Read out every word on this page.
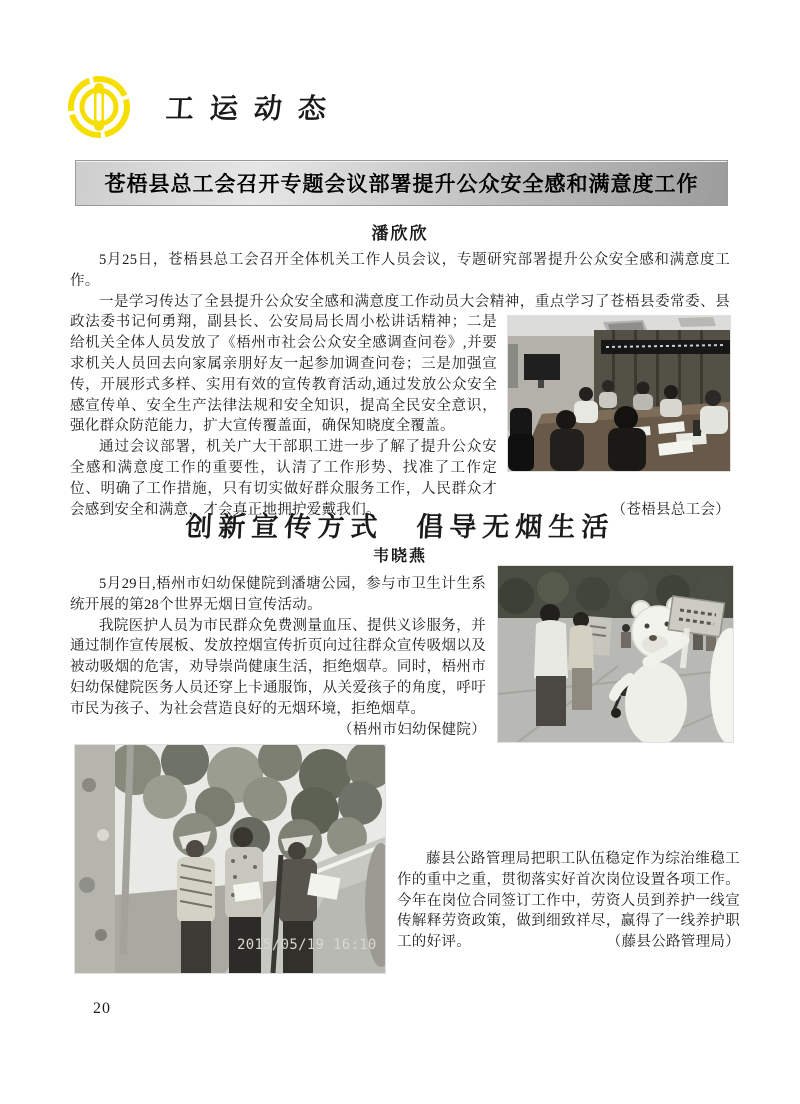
工运动态
苍梧县总工会召开专题会议部署提升公众安全感和满意度工作
潘欣欣

5月25日，苍梧县总工会召开全体机关工作人员会议，专题研究部署提升公众安全感和满意度工作。

一是学习传达了全县提升公众安全感和满意度工作动员大会精神，重点学习了苍梧县委常委、县政法委书记何勇翔，副县长、公安局局长周小松讲话精神；二是给机关全体人员发放了《梧州市社会公众安全感调查问卷》,并要求机关人员回去向家属亲朋好友一起参加调查问卷；三是加强宣传，开展形式多样、实用有效的宣传教育活动,通过发放公众安全感宣传单、安全生产法律法规和安全知识，提高全民安全意识，强化群众防范能力，扩大宣传覆盖面，确保知晓度全覆盖。

通过会议部署，机关广大干部职工进一步了解了提升公众安全感和满意度工作的重要性，认清了工作形势、找准了工作定位、明确了工作措施，只有切实做好群众服务工作，人民群众才会感到安全和满意，才会真正地拥护爱戴我们。	（苍梧县总工会）
创新宣传方式　倡导无烟生活
韦晓燕

5月29日,梧州市妇幼保健院到潘塘公园，参与市卫生计生系统开展的第28个世界无烟日宣传活动。

我院医护人员为市民群众免费测量血压、提供义诊服务，并通过制作宣传展板、发放控烟宣传折页向过往群众宣传吸烟以及被动吸烟的危害，劝导崇尚健康生活，拒绝烟草。同时，梧州市妇幼保健院医务人员还穿上卡通服饰，从关爱孩子的角度，呼吁市民为孩子、为社会营造良好的无烟环境，拒绝烟草。

（梧州市妇幼保健院）
2015/05/19 16:10

藤县公路管理局把职工队伍稳定作为综治维稳工作的重中之重，贯彻落实好首次岗位设置各项工作。今年在岗位合同签订工作中，劳资人员到养护一线宣传解释劳资政策，做到细致祥尽，赢得了一线养护职工的好评。	（藤县公路管理局）
20
